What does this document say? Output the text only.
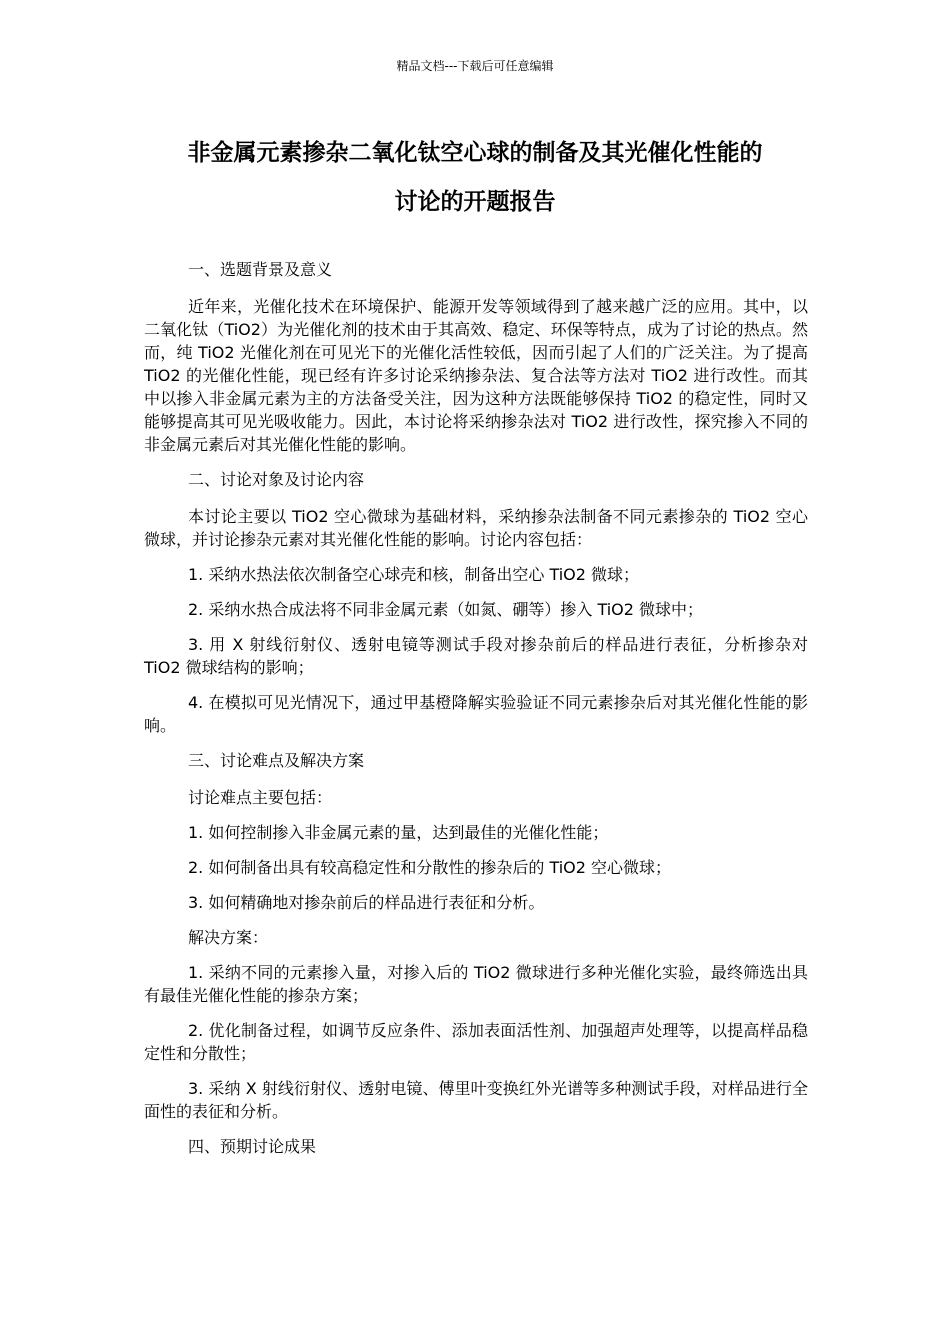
精品文档---下载后可任意编辑
非金属元素掺杂二氧化钛空心球的制备及其光催化性能的
讨论的开题报告

一、选题背景及意义

近年来，光催化技术在环境保护、能源开发等领域得到了越来越广泛的应用。其中，以二氧化钛（TiO2）为光催化剂的技术由于其高效、稳定、环保等特点，成为了讨论的热点。然而，纯 TiO2 光催化剂在可见光下的光催化活性较低，因而引起了人们的广泛关注。为了提高 TiO2 的光催化性能，现已经有许多讨论采纳掺杂法、复合法等方法对 TiO2 进行改性。而其中以掺入非金属元素为主的方法备受关注，因为这种方法既能够保持 TiO2 的稳定性，同时又能够提高其可见光吸收能力。因此，本讨论将采纳掺杂法对 TiO2 进行改性，探究掺入不同的非金属元素后对其光催化性能的影响。

二、讨论对象及讨论内容

本讨论主要以 TiO2 空心微球为基础材料，采纳掺杂法制备不同元素掺杂的 TiO2 空心微球，并讨论掺杂元素对其光催化性能的影响。讨论内容包括：

1. 采纳水热法依次制备空心球壳和核，制备出空心 TiO2 微球；

2. 采纳水热合成法将不同非金属元素（如氮、硼等）掺入 TiO2 微球中；

3. 用 X 射线衍射仪、透射电镜等测试手段对掺杂前后的样品进行表征，分析掺杂对 TiO2 微球结构的影响；

4. 在模拟可见光情况下，通过甲基橙降解实验验证不同元素掺杂后对其光催化性能的影响。

三、讨论难点及解决方案

讨论难点主要包括：

1. 如何控制掺入非金属元素的量，达到最佳的光催化性能；

2. 如何制备出具有较高稳定性和分散性的掺杂后的 TiO2 空心微球；

3. 如何精确地对掺杂前后的样品进行表征和分析。

解决方案：

1. 采纳不同的元素掺入量，对掺入后的 TiO2 微球进行多种光催化实验，最终筛选出具有最佳光催化性能的掺杂方案；

2. 优化制备过程，如调节反应条件、添加表面活性剂、加强超声处理等，以提高样品稳定性和分散性；

3. 采纳 X 射线衍射仪、透射电镜、傅里叶变换红外光谱等多种测试手段，对样品进行全面性的表征和分析。

四、预期讨论成果
